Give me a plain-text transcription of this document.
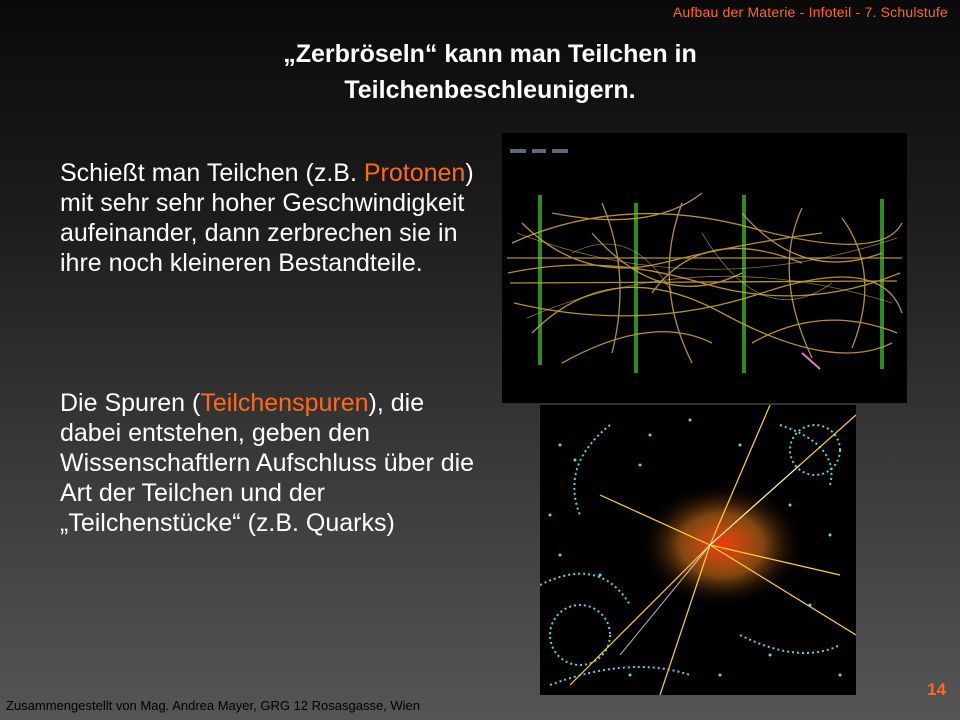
Aufbau der Materie - Infoteil - 7. Schulstufe
„Zerbröseln“ kann man Teilchen in
Teilchenbeschleunigern.
Schießt man Teilchen (z.B. Protonen) mit sehr sehr hoher Geschwindigkeit aufeinander, dann zerbrechen sie in ihre noch kleineren Bestandteile.
Die Spuren (Teilchenspuren), die dabei entstehen, geben den Wissenschaftlern Aufschluss über die Art der Teilchen und der „Teilchenstücke“ (z.B. Quarks)
Zusammengestellt von Mag. Andrea Mayer, GRG 12 Rosasgasse, Wien
14
